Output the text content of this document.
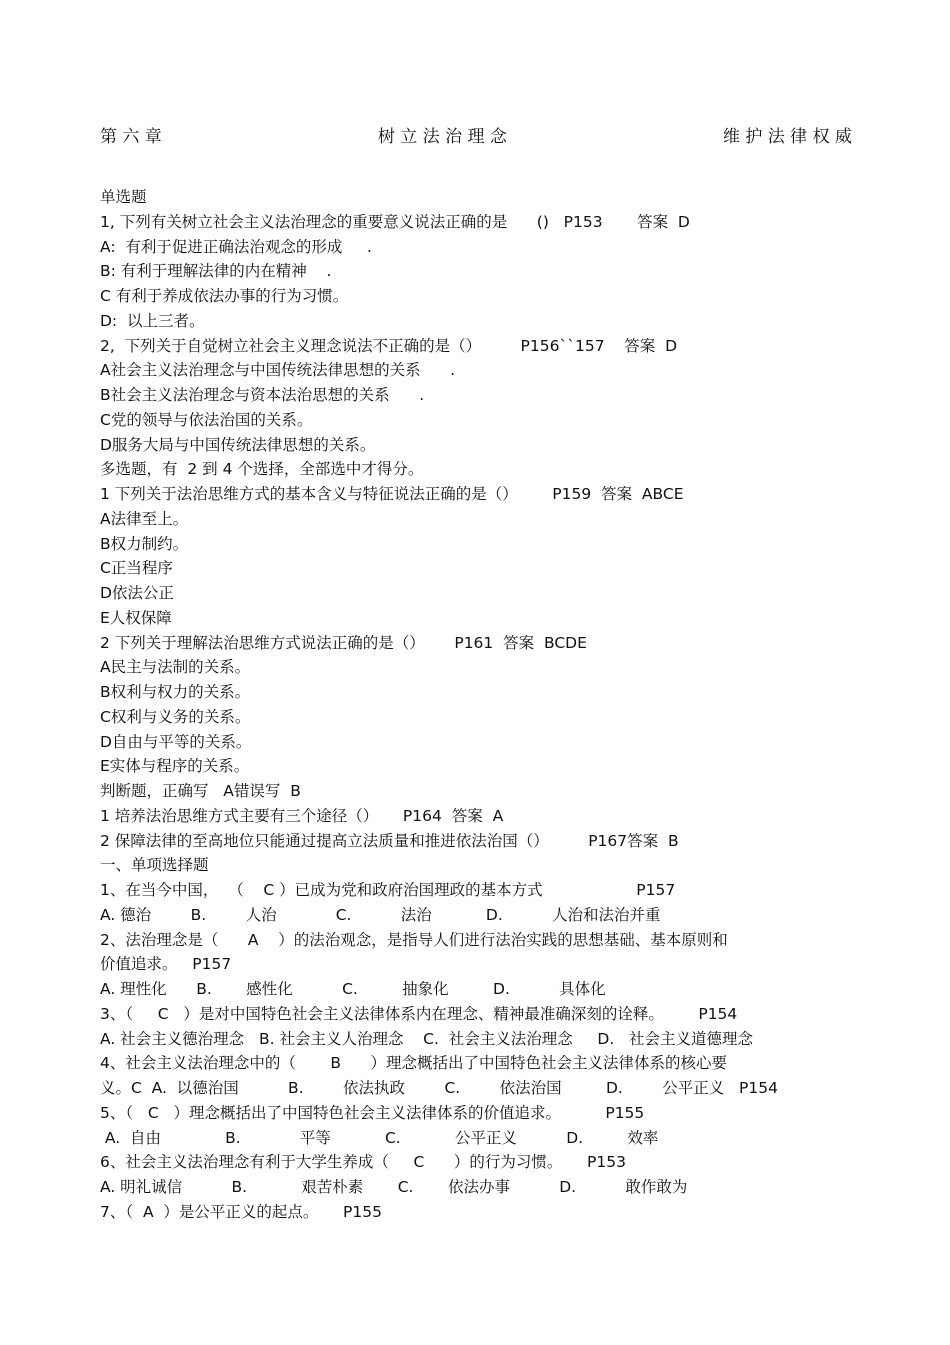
第 六 章	树 立 法 治 理 念	维 护 法 律 权 威
单选题
1, 下列有关树立社会主义法治理念的重要意义说法正确的是      ()   P153       答案  D
A:  有利于促进正确法治观念的形成     .
B: 有利于理解法律的内在精神    .
C 有利于养成依法办事的行为习惯。
D:  以上三者。
2,  下列关于自觉树立社会主义理念说法不正确的是（）        P156``157    答案  D
A社会主义法治理念与中国传统法律思想的关系      .
B社会主义法治理念与资本法治思想的关系      .
C党的领导与依法治国的关系。
D服务大局与中国传统法律思想的关系。
多选题，有  2 到 4 个选择，全部选中才得分。
1 下列关于法治思维方式的基本含义与特征说法正确的是（）       P159  答案  ABCE
A法律至上。
B权力制约。
C正当程序
D依法公正
E人权保障
2 下列关于理解法治思维方式说法正确的是（）      P161  答案  BCDE
A民主与法制的关系。
B权利与权力的关系。
C权利与义务的关系。
D自由与平等的关系。
E实体与程序的关系。
判断题，正确写   A错误写  B
1 培养法治思维方式主要有三个途径（）     P164  答案  A
2 保障法律的至高地位只能通过提高立法质量和推进依法治国（）        P167答案  B
一、单项选择题
1、在当今中国，  （    C ）已成为党和政府治国理政的基本方式                   P157
A. 德治        B.        人治            C.          法治           D.          人治和法治并重
2、法治理念是（      A    ）的法治观念，是指导人们进行法治实践的思想基础、基本原则和
价值追求。   P157
A. 理性化      B.       感性化          C.         抽象化         D.          具体化
3、（     C   ）是对中国特色社会主义法律体系内在理念、精神最准确深刻的诠释。       P154
A. 社会主义德治理念   B. 社会主义人治理念    C.  社会主义法治理念     D.   社会主义道德理念
4、社会主义法治理念中的（       B      ）理念概括出了中国特色社会主义法律体系的核心要
义。C  A.  以德治国          B.        依法执政        C.        依法治国         D.        公平正义   P154
5、（   C   ）理念概括出了中国特色社会主义法律体系的价值追求。         P155
A.  自由             B.            平等           C.           公平正义          D.         效率
6、社会主义法治理念有利于大学生养成（     C      ）的行为习惯。     P153
A. 明礼诚信          B.           艰苦朴素       C.       依法办事          D.          敢作敢为
7、（  A  ）是公平正义的起点。     P155
